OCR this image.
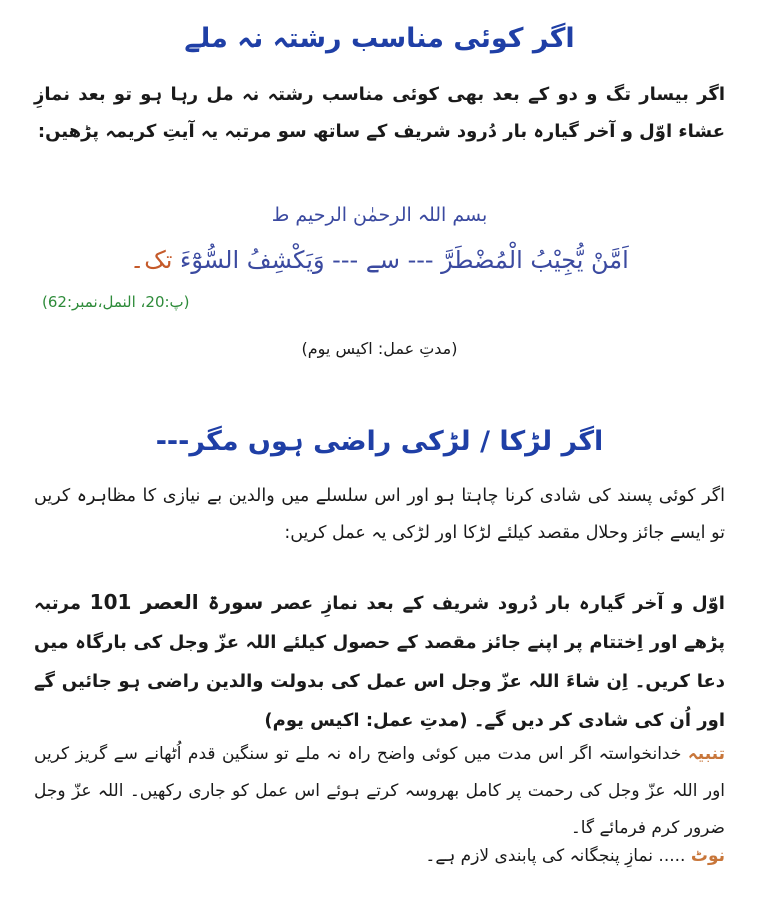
اگر کوئی مناسب رشتہ نہ ملے
اگر بیسار تگ و دو کے بعد بھی کوئی مناسب رشتہ نہ مل رہا ہو تو بعد نمازِ عشاء اوّل و آخر گیارہ بار دُرود شریف کے ساتھ سو مرتبہ یہ آیتِ کریمہ پڑھیں:
بسم اللہ الرحمٰن الرحیم ط
اَمَّنْ یُّجِیْبُ الْمُضْطَرَّ --- سے --- وَیَکْشِفُ السُّوْٓءَ تک۔
(پ:20، النمل،نمبر:62)
(مدتِ عمل: اکیس یوم)
اگر لڑکا / لڑکی راضی ہوں مگر---
اگر کوئی پسند کی شادی کرنا چاہتا ہو اور اس سلسلے میں والدین بے نیازی کا مظاہرہ کریں تو ایسے جائز وحلال مقصد کیلئے لڑکا اور لڑکی یہ عمل کریں:
اوّل و آخر گیارہ بار دُرود شریف کے بعد نمازِ عصر سورۃ العصر 101 مرتبہ پڑھے اور اِختتام پر اپنے جائز مقصد کے حصول کیلئے اللہ عزّ وجل کی بارگاہ میں دعا کریں۔ اِن شاءَ اللہ عزّ وجل اس عمل کی بدولت والدین راضی ہو جائیں گے اور اُن کی شادی کر دیں گے۔ (مدتِ عمل: اکیس یوم)
تنبیہ خدانخواستہ اگر اس مدت میں کوئی واضح راہ نہ ملے تو سنگین قدم اُٹھانے سے گریز کریں اور اللہ عزّ وجل کی رحمت پر کامل بھروسہ کرتے ہوئے اس عمل کو جاری رکھیں۔ اللہ عزّ وجل ضرور کرم فرمائے گا۔
نوٹ ..... نمازِ پنجگانہ کی پابندی لازم ہے۔
